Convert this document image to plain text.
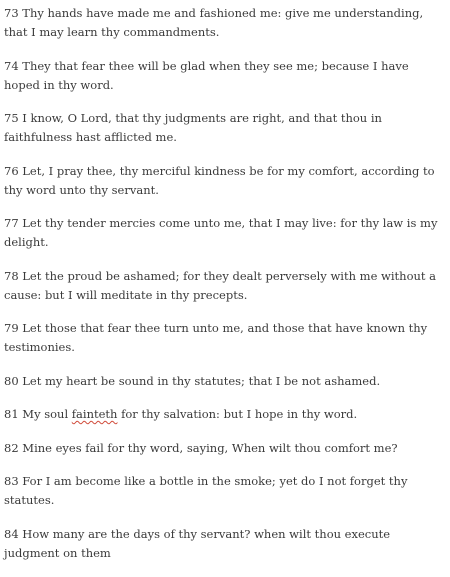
73 Thy hands have made me and fashioned me: give me understanding, that I may learn thy commandments.

74 They that fear thee will be glad when they see me; because I have hoped in thy word.

75 I know, O Lord, that thy judgments are right, and that thou in faithfulness hast afflicted me.

76 Let, I pray thee, thy merciful kindness be for my comfort, according to thy word unto thy servant.

77 Let thy tender mercies come unto me, that I may live: for thy law is my delight.

78 Let the proud be ashamed; for they dealt perversely with me without a cause: but I will meditate in thy precepts.

79 Let those that fear thee turn unto me, and those that have known thy testimonies.

80 Let my heart be sound in thy statutes; that I be not ashamed.

81 My soul fainteth for thy salvation: but I hope in thy word.

82 Mine eyes fail for thy word, saying, When wilt thou comfort me?

83 For I am become like a bottle in the smoke; yet do I not forget thy statutes.

84 How many are the days of thy servant? when wilt thou execute judgment on them
